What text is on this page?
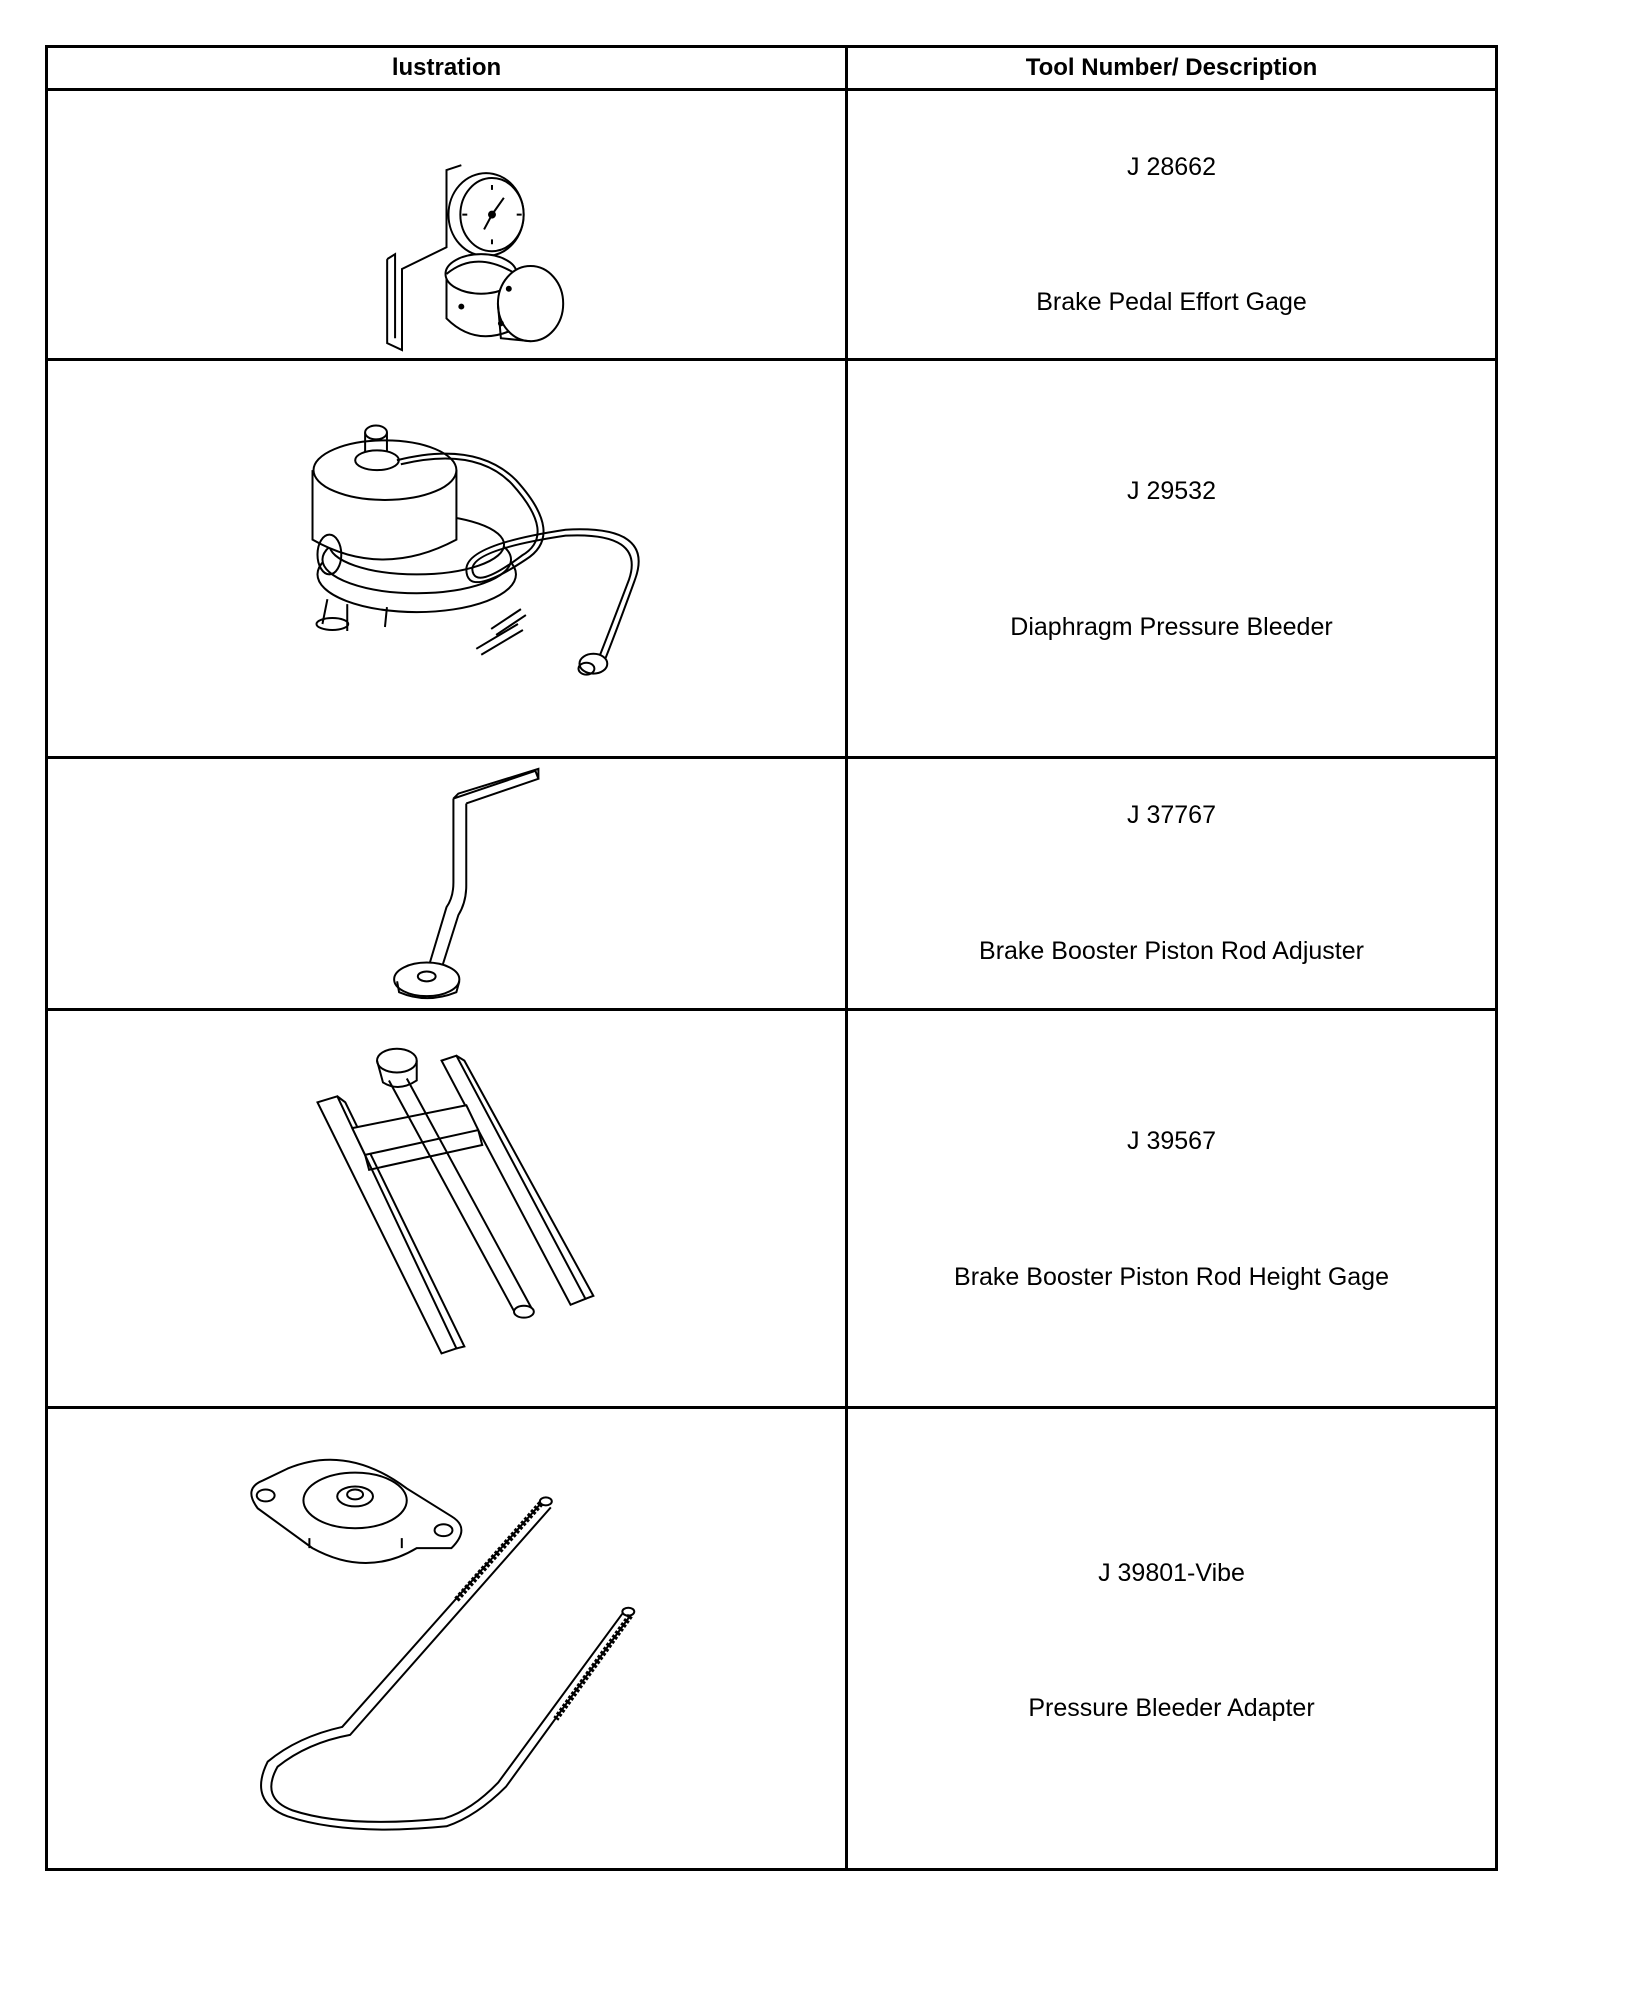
lustration	Tool Number/ Description

J 28662
Brake Pedal Effort Gage

J 29532
Diaphragm Pressure Bleeder

J 37767
Brake Booster Piston Rod Adjuster

J 39567
Brake Booster Piston Rod Height Gage

J 39801-Vibe
Pressure Bleeder Adapter
